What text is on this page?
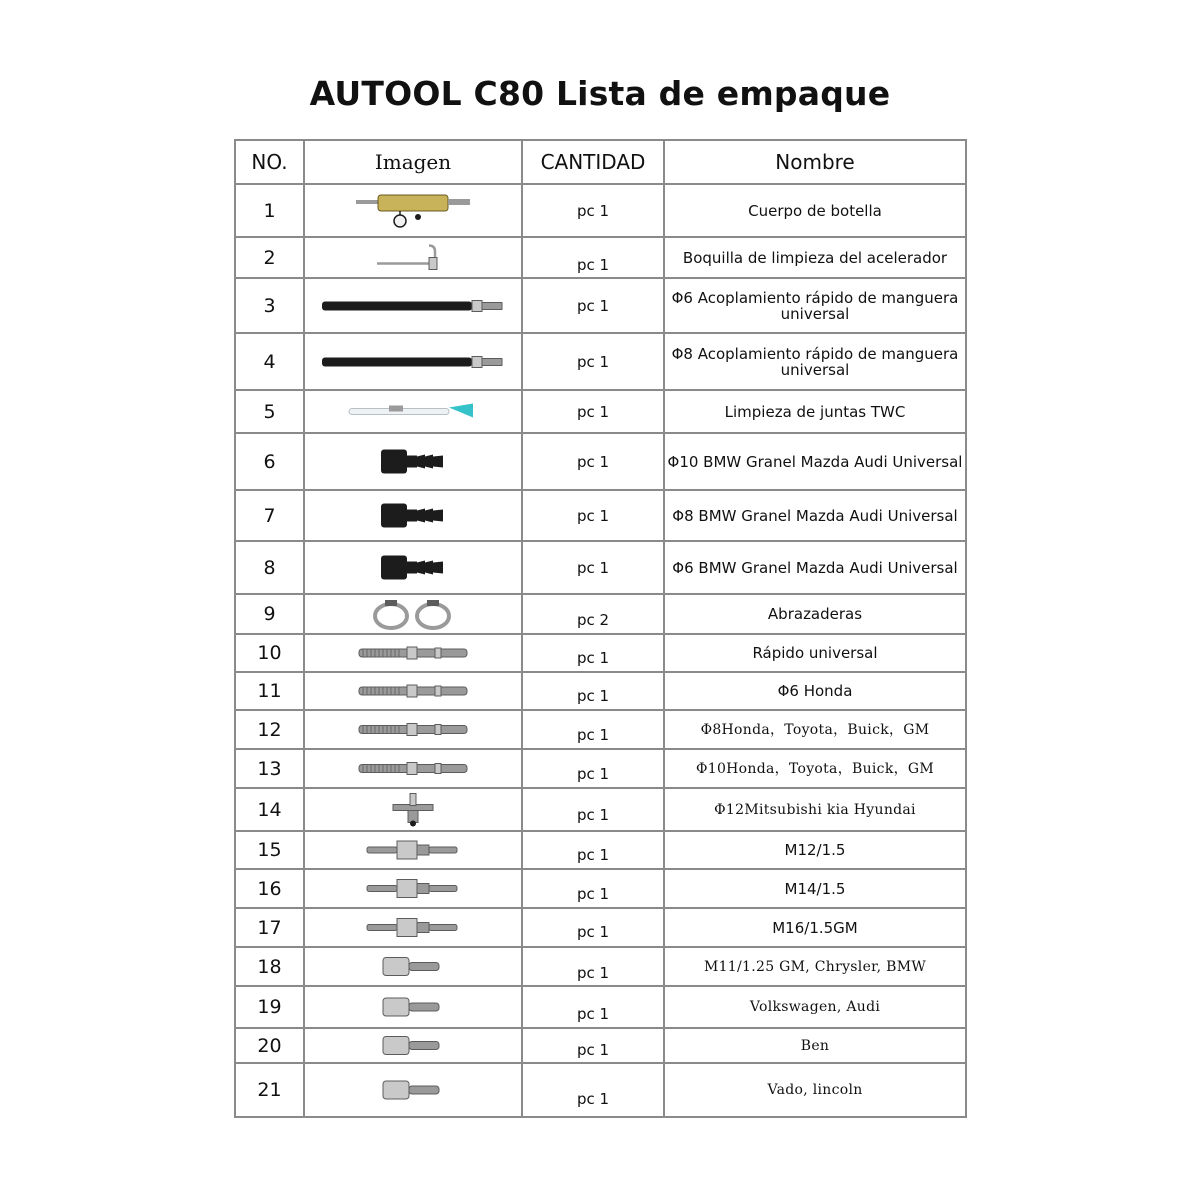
AUTOOL C80 Lista de empaque
NO.	Imagen	CANTIDAD	Nombre
1		pc 1	Cuerpo de botella
2		pc 1	Boquilla de limpieza del acelerador
3		pc 1	Φ6 Acoplamiento rápido de manguera universal
4		pc 1	Φ8 Acoplamiento rápido de manguera universal
5		pc 1	Limpieza de juntas TWC
6		pc 1	Φ10 BMW Granel Mazda Audi Universal
7		pc 1	Φ8 BMW Granel Mazda Audi Universal
8		pc 1	Φ6 BMW Granel Mazda Audi Universal
9		pc 2	Abrazaderas
10		pc 1	Rápido universal
11		pc 1	Φ6 Honda
12		pc 1	Φ8Honda，Toyota，Buick，GM
13		pc 1	Φ10Honda，Toyota，Buick，GM
14		pc 1	Φ12Mitsubishi kia Hyundai
15		pc 1	M12/1.5
16		pc 1	M14/1.5
17		pc 1	M16/1.5GM
18		pc 1	M11/1.25 GM, Chrysler, BMW
19		pc 1	Volkswagen, Audi
20		pc 1	Ben
21		pc 1	Vado, lincoln
